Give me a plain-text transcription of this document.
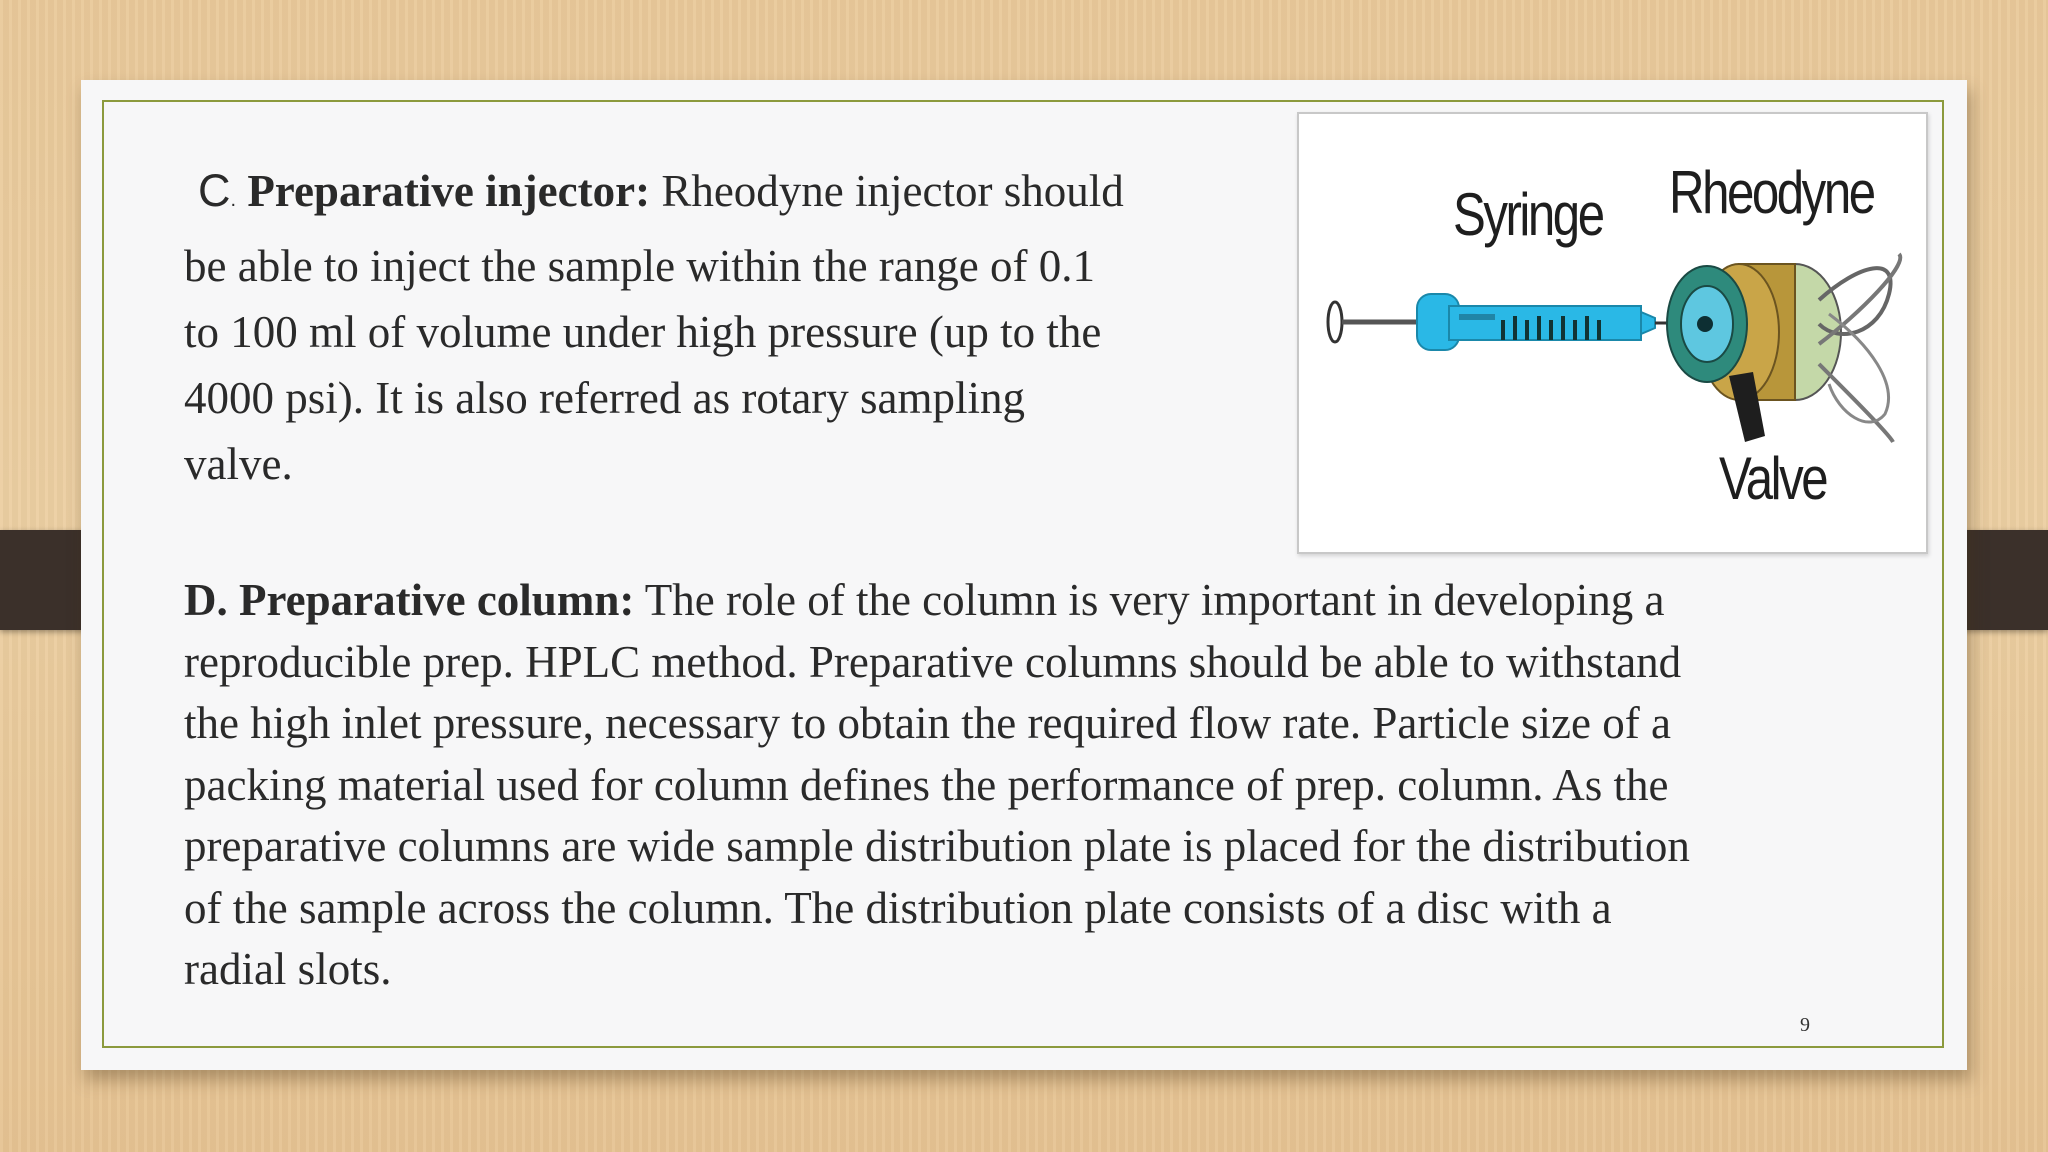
C. Preparative injector: Rheodyne injector should
be able to inject the sample within the range of 0.1
to 100 ml of volume under high pressure (up to the
4000 psi). It is also referred as rotary sampling
valve.
Syringe Rheodyne
Valve
D. Preparative column: The role of the column is very important in developing a
reproducible prep. HPLC method. Preparative columns should be able to withstand
the high inlet pressure, necessary to obtain the required flow rate. Particle size of a
packing material used for column defines the performance of prep. column. As the
preparative columns are wide sample distribution plate is placed for the distribution
of the sample across the column. The distribution plate consists of a disc with a
radial slots.
9
